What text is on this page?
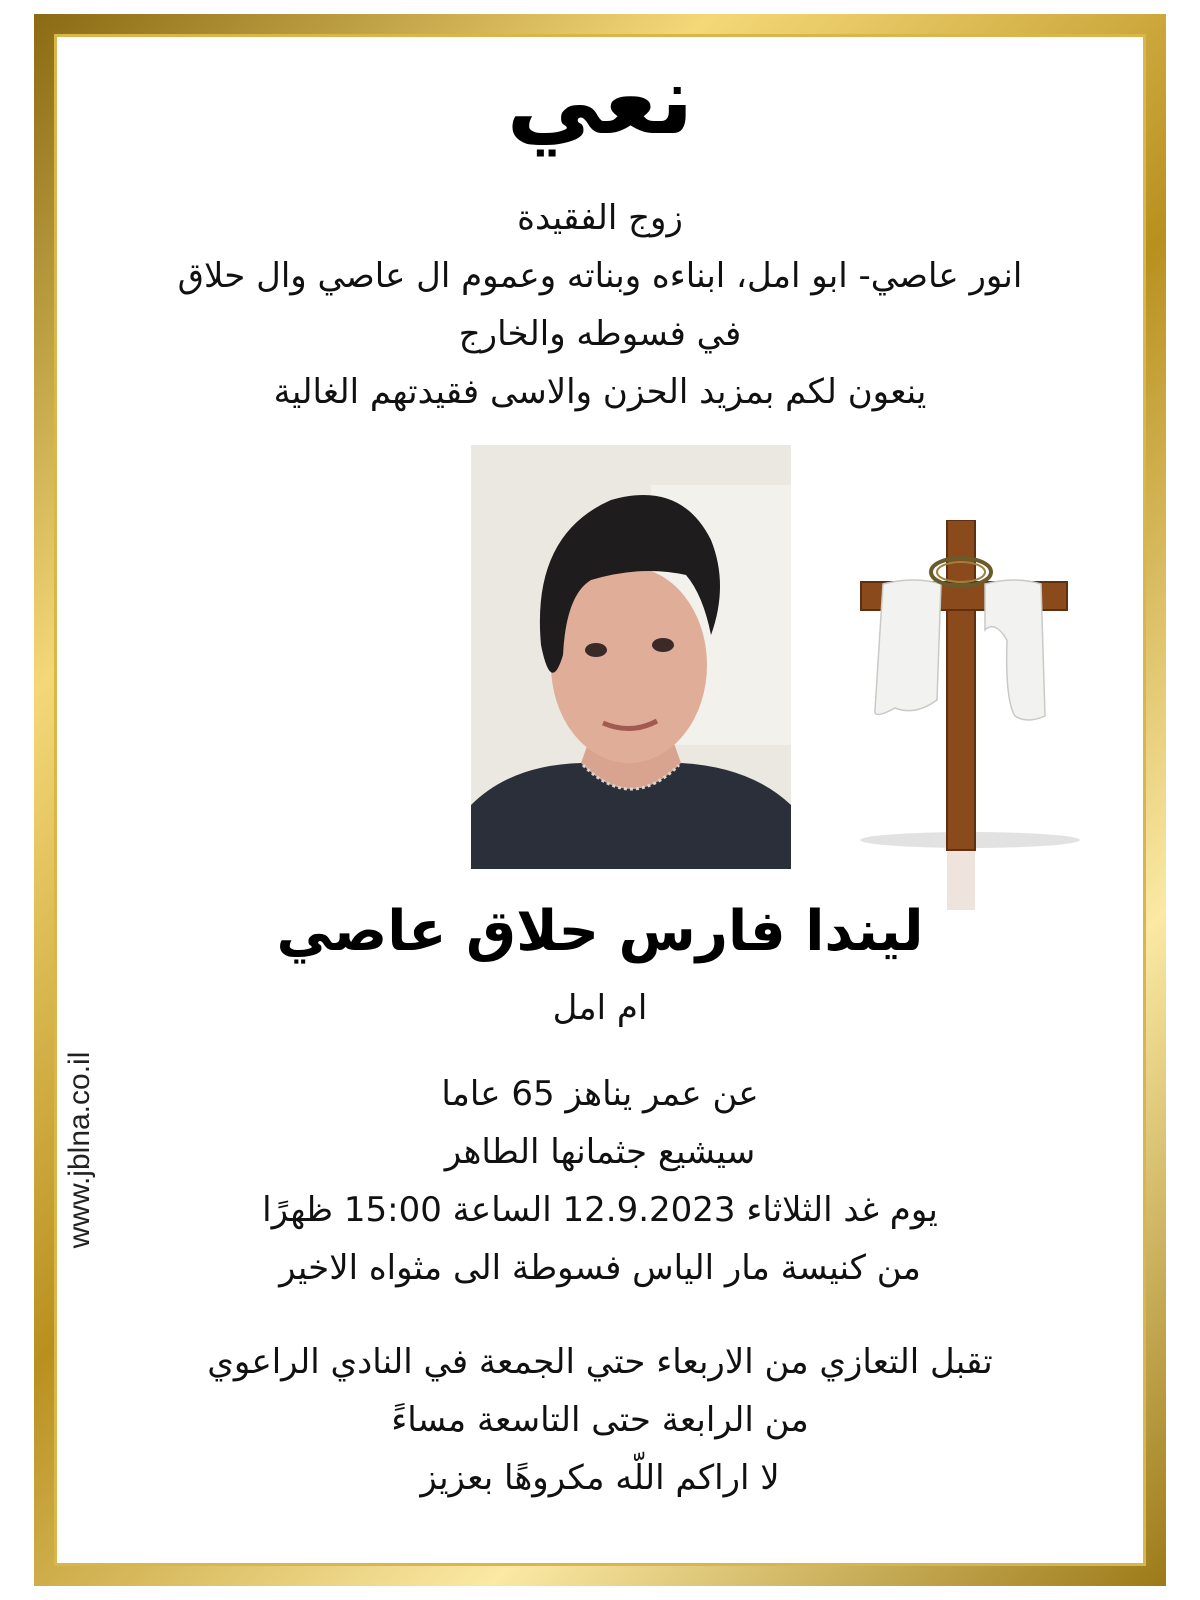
نعي
زوج الفقيدة
انور عاصي- ابو امل، ابناءه وبناته وعموم ال عاصي وال حلاق
في فسوطه والخارج
ينعون لكم بمزيد الحزن والاسى فقيدتهم الغالية
ليندا فارس حلاق عاصي
ام امل
عن عمر يناهز 65 عاما
سيشيع جثمانها الطاهر
يوم غد الثلاثاء 12.9.2023 الساعة 15:00 ظهرًا
من كنيسة مار الياس فسوطة الى مثواه الاخير
تقبل التعازي من الاربعاء حتي الجمعة في النادي الراعوي
من الرابعة حتى التاسعة مساءً
لا اراكم اللّه مكروهًا بعزيز
www.jblna.co.il
